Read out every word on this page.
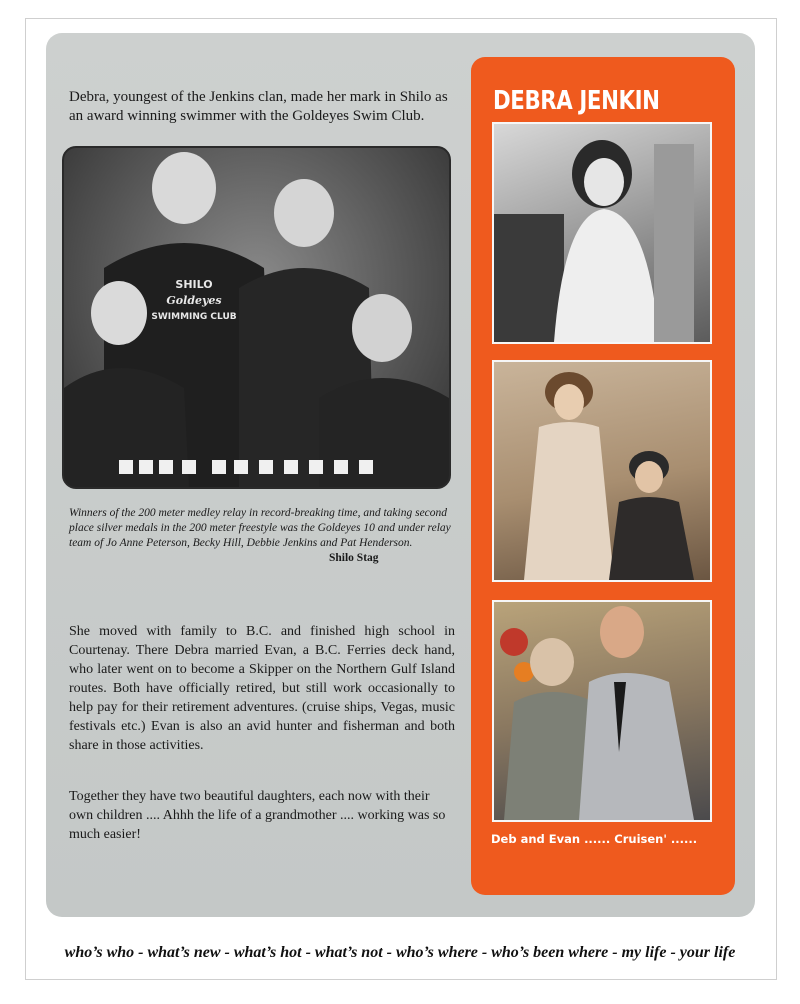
Debra, youngest of the Jenkins clan, made her mark in Shilo as an award winning swimmer with the Goldeyes Swim Club.

SHILO
Goldeyes
SWIMMING CLUB
Winners of the 200 meter medley relay in record-breaking time, and taking second place silver medals in the 200 meter freestyle was the Goldeyes 10 and under relay team of Jo Anne Peterson, Becky Hill, Debbie Jenkins and Pat Henderson.
Shilo Stag

She moved with family to B.C. and finished high school in Courtenay. There Debra married Evan, a B.C. Ferries deck hand, who later went on to become a Skipper on the Northern Gulf Island routes. Both have officially retired, but still work occasionally to help pay for their retirement adventures. (cruise ships, Vegas, music festivals etc.) Evan is also an avid hunter and fisherman and both share in those activities.

Together they have two beautiful daughters, each now with their own children .... Ahhh the life of a grandmother .... working was so much easier!

DEBRA JENKIN
Deb and Evan ...... Cruisen' ......
who’s who - what’s new - what’s hot - what’s not - who’s where - who’s been where - my life - your life
